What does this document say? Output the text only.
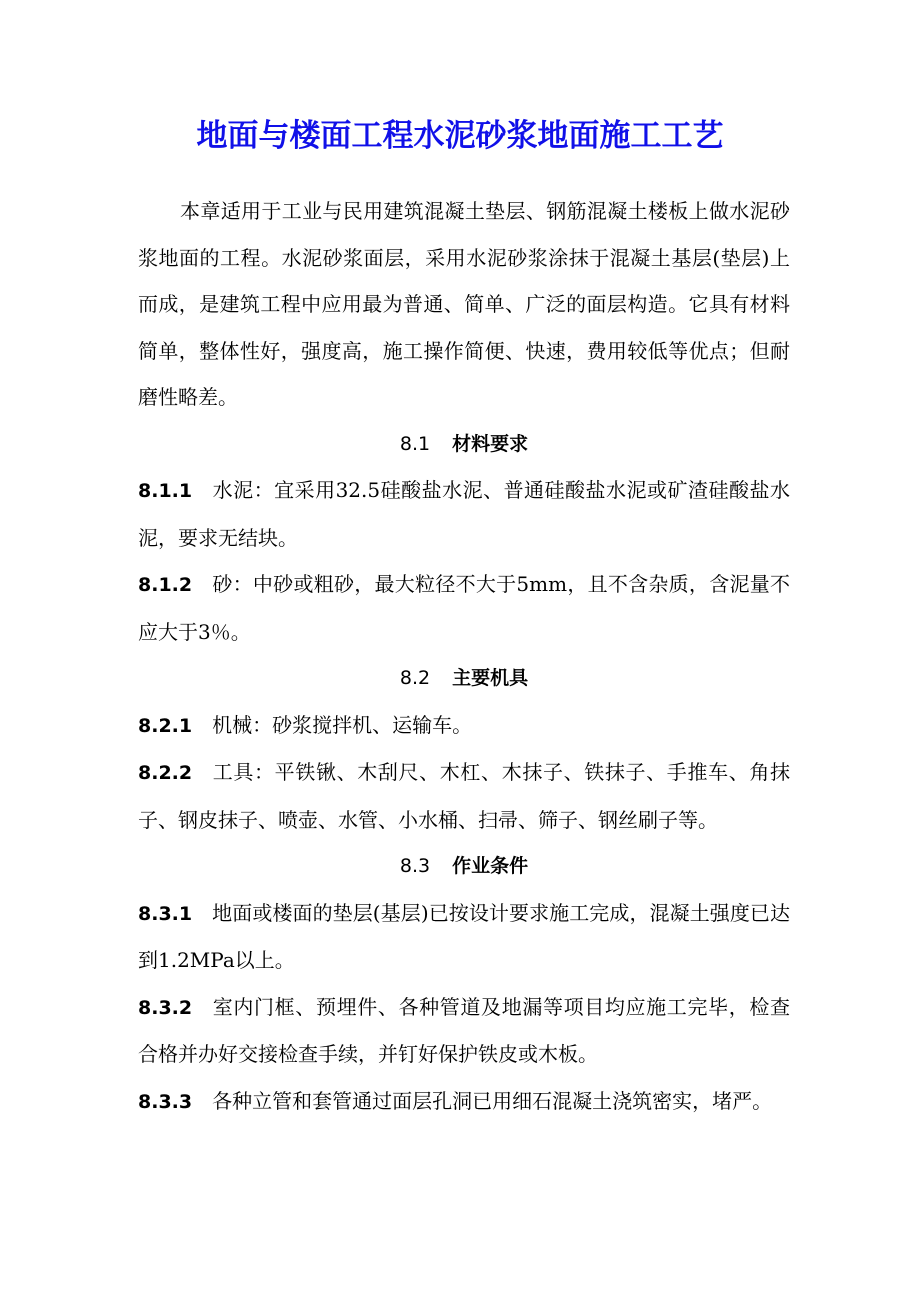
地面与楼面工程水泥砂浆地面施工工艺

本章适用于工业与民用建筑混凝土垫层、钢筋混凝土楼板上做水泥砂浆地面的工程。水泥砂浆面层，采用水泥砂浆涂抹于混凝土基层(垫层)上而成，是建筑工程中应用最为普通、简单、广泛的面层构造。它具有材料简单，整体性好，强度高，施工操作简便、快速，费用较低等优点；但耐磨性略差。

8.1 材料要求

8.1.1 水泥：宜采用32.5硅酸盐水泥、普通硅酸盐水泥或矿渣硅酸盐水泥，要求无结块。

8.1.2 砂：中砂或粗砂，最大粒径不大于5mm，且不含杂质，含泥量不应大于3％。

8.2 主要机具

8.2.1 机械：砂浆搅拌机、运输车。

8.2.2 工具：平铁锹、木刮尺、木杠、木抹子、铁抹子、手推车、角抹子、钢皮抹子、喷壶、水管、小水桶、扫帚、筛子、钢丝刷子等。

8.3 作业条件

8.3.1 地面或楼面的垫层(基层)已按设计要求施工完成，混凝土强度已达到1.2MPa以上。

8.3.2 室内门框、预埋件、各种管道及地漏等项目均应施工完毕，检查合格并办好交接检查手续，并钉好保护铁皮或木板。

8.3.3 各种立管和套管通过面层孔洞已用细石混凝土浇筑密实，堵严。
